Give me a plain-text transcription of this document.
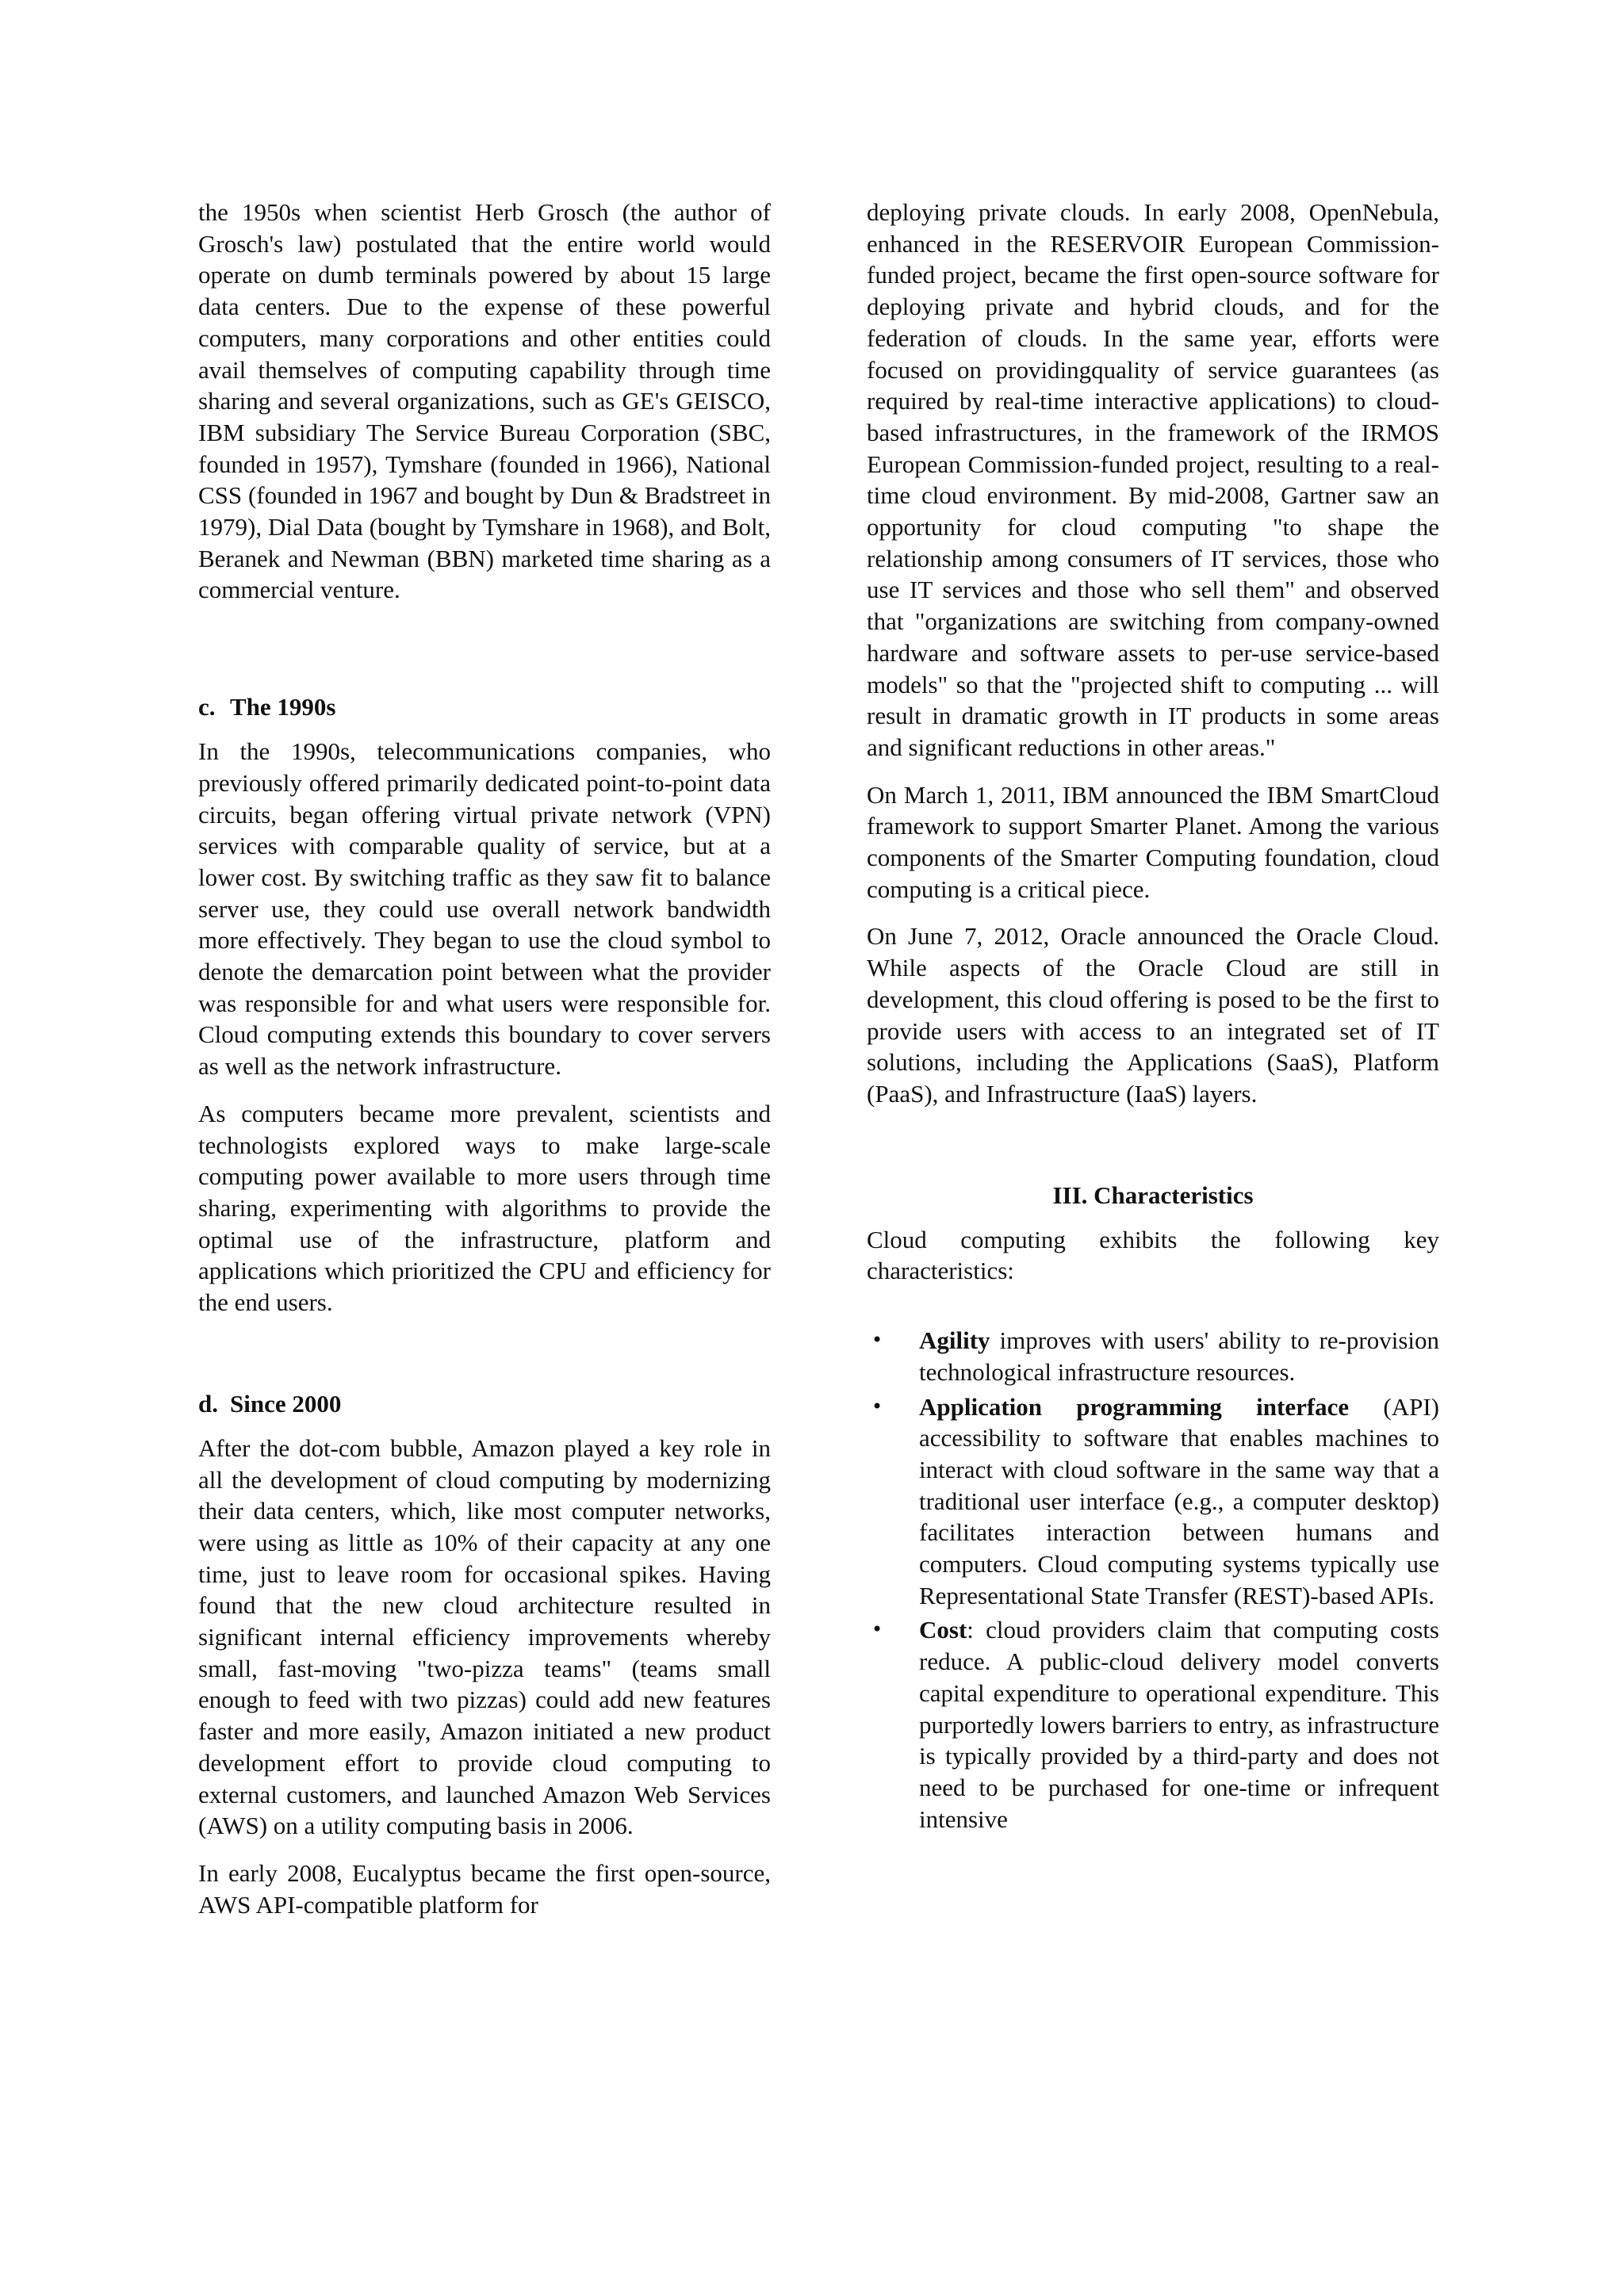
the 1950s when scientist Herb Grosch (the author of Grosch's law) postulated that the entire world would operate on dumb terminals powered by about 15 large data centers. Due to the expense of these powerful computers, many corporations and other entities could avail themselves of computing capability through time sharing and several organizations, such as GE's GEISCO, IBM subsidiary The Service Bureau Corporation (SBC, founded in 1957), Tymshare (founded in 1966), National CSS (founded in 1967 and bought by Dun & Bradstreet in 1979), Dial Data (bought by Tymshare in 1968), and Bolt, Beranek and Newman (BBN) marketed time sharing as a commercial venture.

c. The 1990s

In the 1990s, telecommunications companies, who previously offered primarily dedicated point-to-point data circuits, began offering virtual private network (VPN) services with comparable quality of service, but at a lower cost. By switching traffic as they saw fit to balance server use, they could use overall network bandwidth more effectively. They began to use the cloud symbol to denote the demarcation point between what the provider was responsible for and what users were responsible for. Cloud computing extends this boundary to cover servers as well as the network infrastructure.

As computers became more prevalent, scientists and technologists explored ways to make large-scale computing power available to more users through time sharing, experimenting with algorithms to provide the optimal use of the infrastructure, platform and applications which prioritized the CPU and efficiency for the end users.

d. Since 2000

After the dot-com bubble, Amazon played a key role in all the development of cloud computing by modernizing their data centers, which, like most computer networks, were using as little as 10% of their capacity at any one time, just to leave room for occasional spikes. Having found that the new cloud architecture resulted in significant internal efficiency improvements whereby small, fast-moving "two-pizza teams" (teams small enough to feed with two pizzas) could add new features faster and more easily, Amazon initiated a new product development effort to provide cloud computing to external customers, and launched Amazon Web Services (AWS) on a utility computing basis in 2006.

In early 2008, Eucalyptus became the first open-source, AWS API-compatible platform for

deploying private clouds. In early 2008, OpenNebula, enhanced in the RESERVOIR European Commission-funded project, became the first open-source software for deploying private and hybrid clouds, and for the federation of clouds. In the same year, efforts were focused on providingquality of service guarantees (as required by real-time interactive applications) to cloud-based infrastructures, in the framework of the IRMOS European Commission-funded project, resulting to a real-time cloud environment. By mid-2008, Gartner saw an opportunity for cloud computing "to shape the relationship among consumers of IT services, those who use IT services and those who sell them" and observed that "organizations are switching from company-owned hardware and software assets to per-use service-based models" so that the "projected shift to computing ... will result in dramatic growth in IT products in some areas and significant reductions in other areas."

On March 1, 2011, IBM announced the IBM SmartCloud framework to support Smarter Planet. Among the various components of the Smarter Computing foundation, cloud computing is a critical piece.

On June 7, 2012, Oracle announced the Oracle Cloud. While aspects of the Oracle Cloud are still in development, this cloud offering is posed to be the first to provide users with access to an integrated set of IT solutions, including the Applications (SaaS), Platform (PaaS), and Infrastructure (IaaS) layers.

III. Characteristics

Cloud computing exhibits the following key characteristics:

• Agility improves with users' ability to re-provision technological infrastructure resources.
• Application programming interface (API) accessibility to software that enables machines to interact with cloud software in the same way that a traditional user interface (e.g., a computer desktop) facilitates interaction between humans and computers. Cloud computing systems typically use Representational State Transfer (REST)-based APIs.
• Cost: cloud providers claim that computing costs reduce. A public-cloud delivery model converts capital expenditure to operational expenditure. This purportedly lowers barriers to entry, as infrastructure is typically provided by a third-party and does not need to be purchased for one-time or infrequent intensive
